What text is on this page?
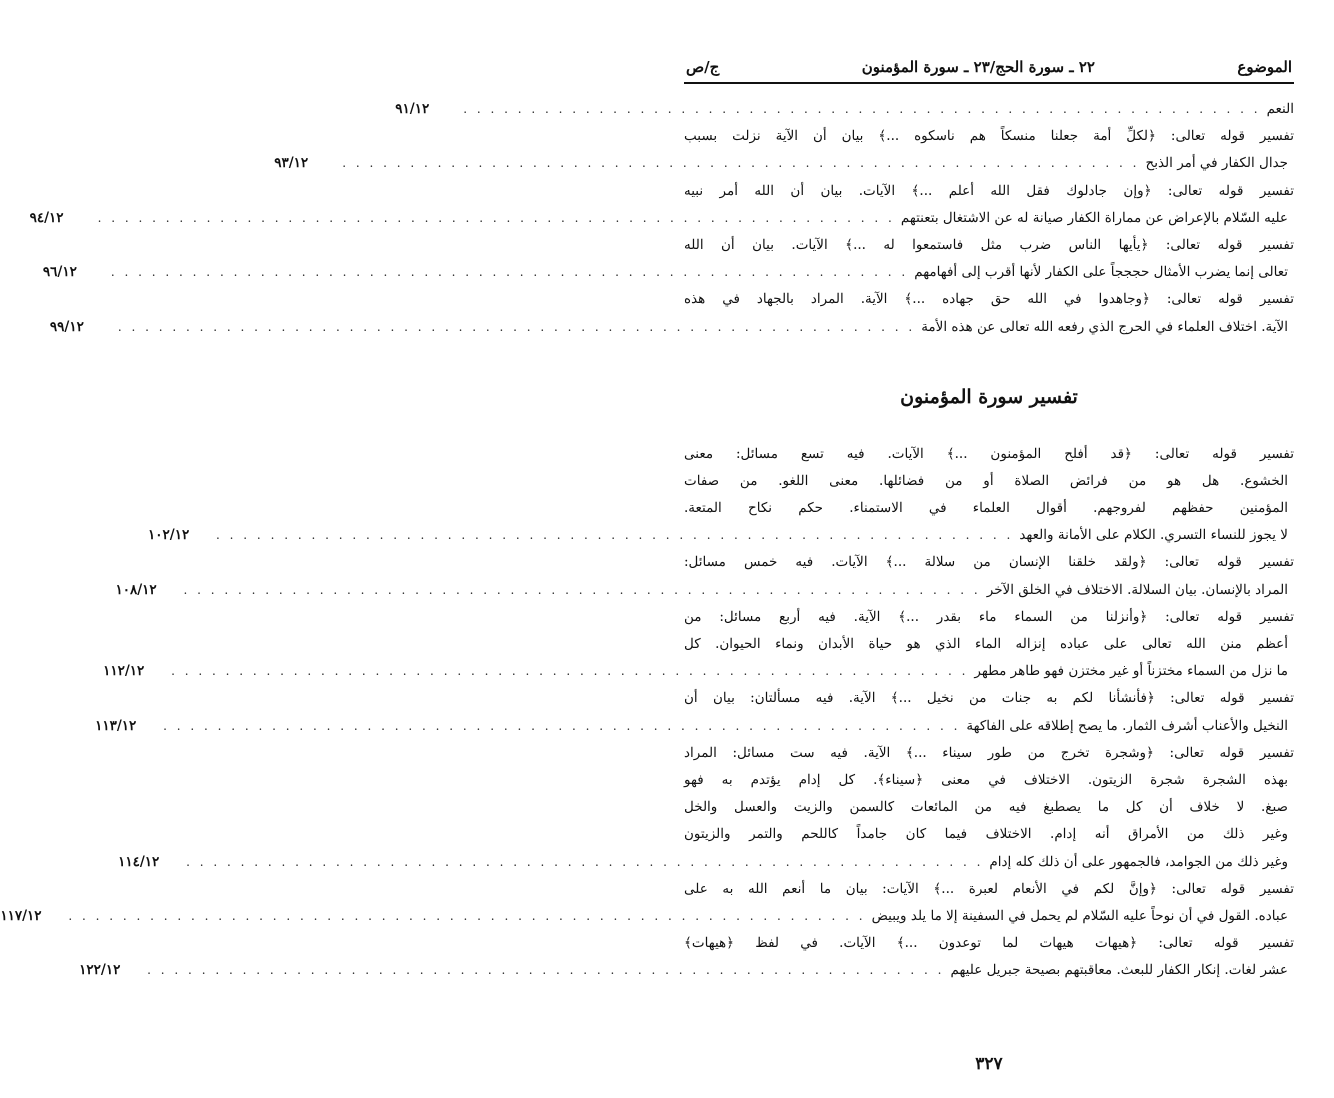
الموضوع
٢٢ ـ سورة الحج/٢٣ ـ سورة المؤمنون
ج/ص
النعم
. . . . . . . . . . . . . . . . . . . . . . . . . . . . . . . . . . . . . . . . . . . . . . . . . . . . . . . . . . .
٩١/١٢
تفسير قوله تعالى: ﴿لكلِّ أمة جعلنا منسكاً هم ناسكوه ...﴾ بيان أن الآية نزلت بسبب
جدال الكفار في أمر الذبح
. . . . . . . . . . . . . . . . . . . . . . . . . . . . . . . . . . . . . . . . . . . . . . . . . . . . . . . . . . .
٩٣/١٢
تفسير قوله تعالى: ﴿وإن جادلوك فقل الله أعلم ...﴾ الآيات. بيان أن الله أمر نبيه
عليه السّلام بالإعراض عن مماراة الكفار صيانة له عن الاشتغال بتعنتهم
. . . . . . . . . . . . . . . . . . . . . . . . . . . . . . . . . . . . . . . . . . . . . . . . . . . . . . . . . . .
٩٤/١٢
تفسير قوله تعالى: ﴿يأيها الناس ضرب مثل فاستمعوا له ...﴾ الآيات. بيان أن الله
تعالى إنما يضرب الأمثال حجججاً على الكفار لأنها أقرب إلى أفهامهم
. . . . . . . . . . . . . . . . . . . . . . . . . . . . . . . . . . . . . . . . . . . . . . . . . . . . . . . . . . .
٩٦/١٢
تفسير قوله تعالى: ﴿وجاهدوا في الله حق جهاده ...﴾ الآية. المراد بالجهاد في هذه
الآية. اختلاف العلماء في الحرج الذي رفعه الله تعالى عن هذه الأمة
. . . . . . . . . . . . . . . . . . . . . . . . . . . . . . . . . . . . . . . . . . . . . . . . . . . . . . . . . . .
٩٩/١٢
تفسير سورة المؤمنون
تفسير قوله تعالى: ﴿قد أفلح المؤمنون ...﴾ الآيات. فيه تسع مسائل: معنى
الخشوع. هل هو من فرائض الصلاة أو من فضائلها. معنى اللغو. من صفات
المؤمنين حفظهم لفروجهم. أقوال العلماء في الاستمناء. حكم نكاح المتعة.
لا يجوز للنساء التسري. الكلام على الأمانة والعهد
. . . . . . . . . . . . . . . . . . . . . . . . . . . . . . . . . . . . . . . . . . . . . . . . . . . . . . . . . . .
١٠٢/١٢
تفسير قوله تعالى: ﴿ولقد خلقنا الإنسان من سلالة ...﴾ الآيات. فيه خمس مسائل:
المراد بالإنسان. بيان السلالة. الاختلاف في الخلق الآخر
. . . . . . . . . . . . . . . . . . . . . . . . . . . . . . . . . . . . . . . . . . . . . . . . . . . . . . . . . . .
١٠٨/١٢
تفسير قوله تعالى: ﴿وأنزلنا من السماء ماء بقدر ...﴾ الآية. فيه أربع مسائل: من
أعظم منن الله تعالى على عباده إنزاله الماء الذي هو حياة الأبدان ونماء الحيوان. كل
ما نزل من السماء مختزناً أو غير مختزن فهو طاهر مطهر
. . . . . . . . . . . . . . . . . . . . . . . . . . . . . . . . . . . . . . . . . . . . . . . . . . . . . . . . . . .
١١٢/١٢
تفسير قوله تعالى: ﴿فأنشأنا لكم به جنات من نخيل ...﴾ الآية. فيه مسألتان: بيان أن
النخيل والأعناب أشرف الثمار. ما يصح إطلاقه على الفاكهة
. . . . . . . . . . . . . . . . . . . . . . . . . . . . . . . . . . . . . . . . . . . . . . . . . . . . . . . . . . .
١١٣/١٢
تفسير قوله تعالى: ﴿وشجرة تخرج من طور سيناء ...﴾ الآية. فيه ست مسائل: المراد
بهذه الشجرة شجرة الزيتون. الاختلاف في معنى ﴿سيناء﴾. كل إدام يؤتدم به فهو
صبغ. لا خلاف أن كل ما يصطبغ فيه من المائعات كالسمن والزيت والعسل والخل
وغير ذلك من الأمراق أنه إدام. الاختلاف فيما كان جامداً كاللحم والتمر والزيتون
وغير ذلك من الجوامد، فالجمهور على أن ذلك كله إدام
. . . . . . . . . . . . . . . . . . . . . . . . . . . . . . . . . . . . . . . . . . . . . . . . . . . . . . . . . . .
١١٤/١٢
تفسير قوله تعالى: ﴿وإنَّ لكم في الأنعام لعبرة ...﴾ الآيات: بيان ما أنعم الله به على
عباده. القول في أن نوحاً عليه السّلام لم يحمل في السفينة إلا ما يلد ويبيض
. . . . . . . . . . . . . . . . . . . . . . . . . . . . . . . . . . . . . . . . . . . . . . . . . . . . . . . . . . .
١١٧/١٢
تفسير قوله تعالى: ﴿هيهات هيهات لما توعدون ...﴾ الآيات. في لفظ ﴿هيهات﴾
عشر لغات. إنكار الكفار للبعث. معاقبتهم بصيحة جبريل عليهم
. . . . . . . . . . . . . . . . . . . . . . . . . . . . . . . . . . . . . . . . . . . . . . . . . . . . . . . . . . .
١٢٢/١٢
٣٢٧
